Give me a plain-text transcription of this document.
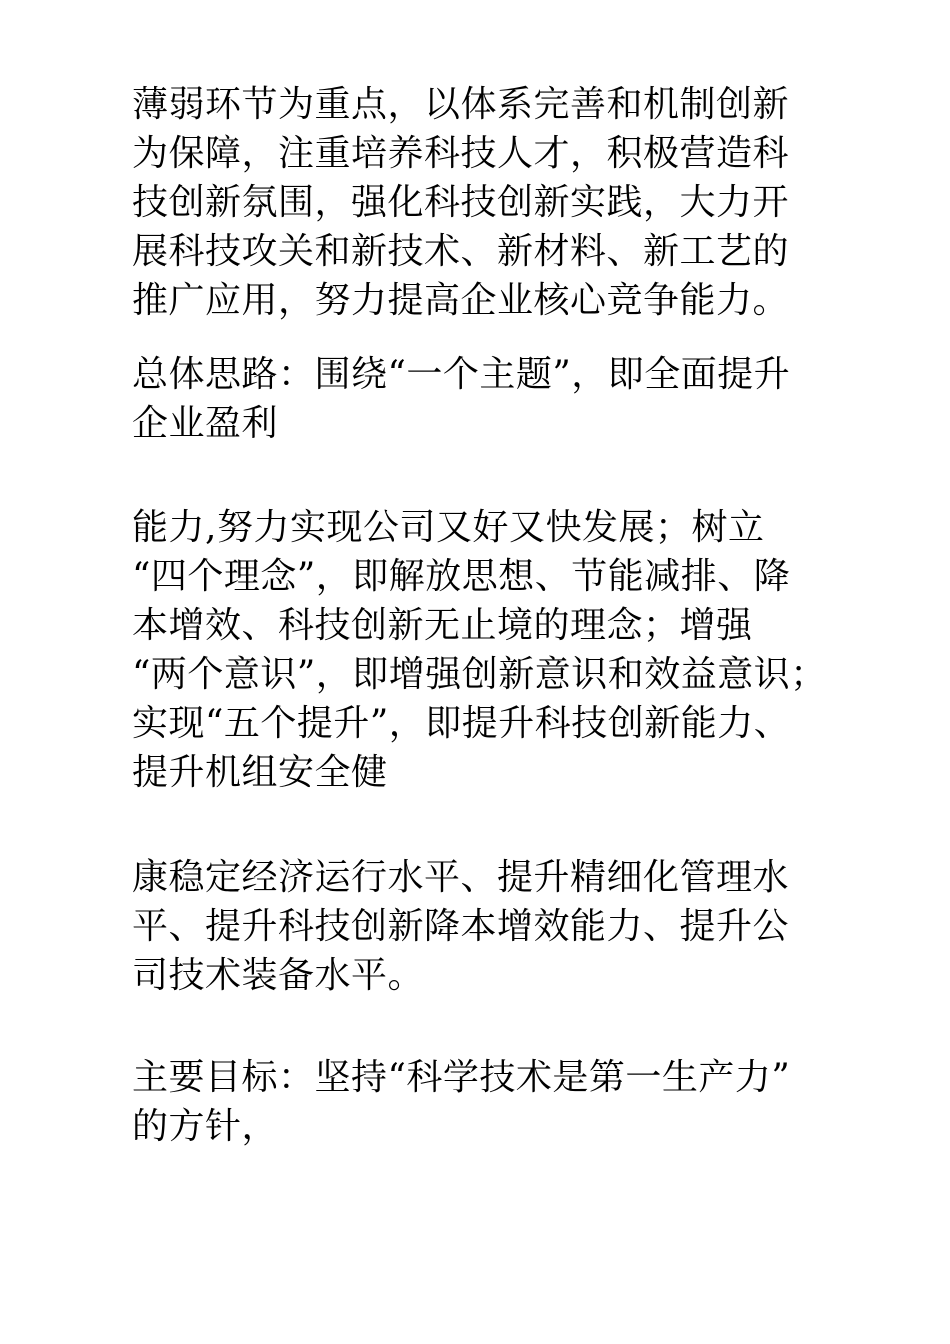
薄弱环节为重点，以体系完善和机制创新
为保障，注重培养科技人才，积极营造科
技创新氛围，强化科技创新实践，大力开
展科技攻关和新技术、新材料、新工艺的
推广应用，努力提高企业核心竞争能力。

总体思路：围绕“一个主题”，即全面提升
企业盈利

能力,努力实现公司又好又快发展；树立
“四个理念”，即解放思想、节能减排、降
本增效、科技创新无止境的理念；增强
“两个意识”，即增强创新意识和效益意识；
实现“五个提升”，即提升科技创新能力、
提升机组安全健

康稳定经济运行水平、提升精细化管理水
平、提升科技创新降本增效能力、提升公
司技术装备水平。

主要目标：坚持“科学技术是第一生产力”
的方针，
